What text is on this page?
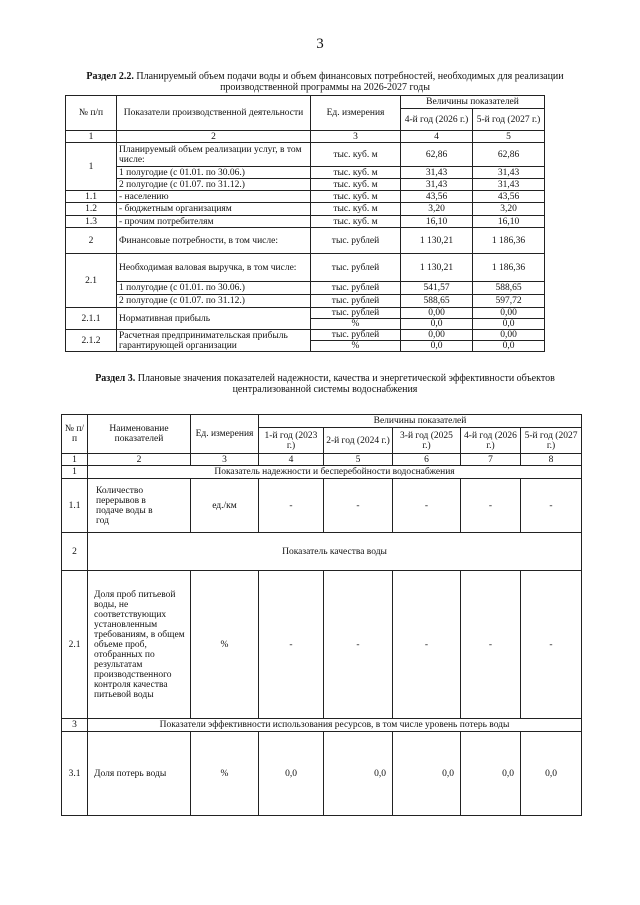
3
Раздел 2.2. Планируемый объем подачи воды и объем финансовых потребностей, необходимых для реализации
производственной программы на 2026-2027 годы
№ п/п	Показатели производственной деятельности	Ед. измерения	Величины показателей	
			4-й год (2026 г.)	5-й год (2027 г.)
1	2	3	4	5
1	Планируемый объем реализации услуг, в том числе:	тыс. куб. м	62,86	62,86
	1 полугодие (с 01.01. по 30.06.)	тыс. куб. м	31,43	31,43
	2 полугодие (с 01.07. по 31.12.)	тыс. куб. м	31,43	31,43
1.1	- населению	тыс. куб. м	43,56	43,56
1.2	- бюджетным организациям	тыс. куб. м	3,20	3,20
1.3	- прочим потребителям	тыс. куб. м	16,10	16,10
2	Финансовые потребности, в том числе:	тыс. рублей	1 130,21	1 186,36
2.1	Необходимая валовая выручка, в том числе:	тыс. рублей	1 130,21	1 186,36
	1 полугодие (с 01.01. по 30.06.)	тыс. рублей	541,57	588,65
	2 полугодие (с 01.07. по 31.12.)	тыс. рублей	588,65	597,72
2.1.1	Нормативная прибыль	тыс. рублей	0,00	0,00
		%	0,0	0,0
2.1.2	Расчетная предпринимательская прибыль гарантирующей организации	тыс. рублей	0,00	0,00
		%	0,0	0,0
Раздел 3. Плановые значения показателей надежности, качества и энергетической эффективности объектов
централизованной системы водоснабжения
№ п/п	Наименование показателей	Ед. измерения	Величины показателей				
			1-й год (2023 г.)	2-й год (2024 г.)	3-й год (2025 г.)	4-й год (2026 г.)	5-й год (2027 г.)
1	2	3	4	5	6	7	8
1	Показатель надежности и бесперебойности водоснабжения						
1.1	Количество перерывов в подаче воды в год	ед./км	-	-	-	-	-
2	Показатель качества воды						
2.1	Доля проб питьевой воды, не соответствующих установленным требованиям, в общем объеме проб, отобранных по результатам производственного контроля качества питьевой воды	%	-	-	-	-	-
3	Показатели эффективности использования ресурсов, в том числе уровень потерь воды						
3.1	Доля потерь воды	%	0,0	0,0	0,0	0,0	0,0
